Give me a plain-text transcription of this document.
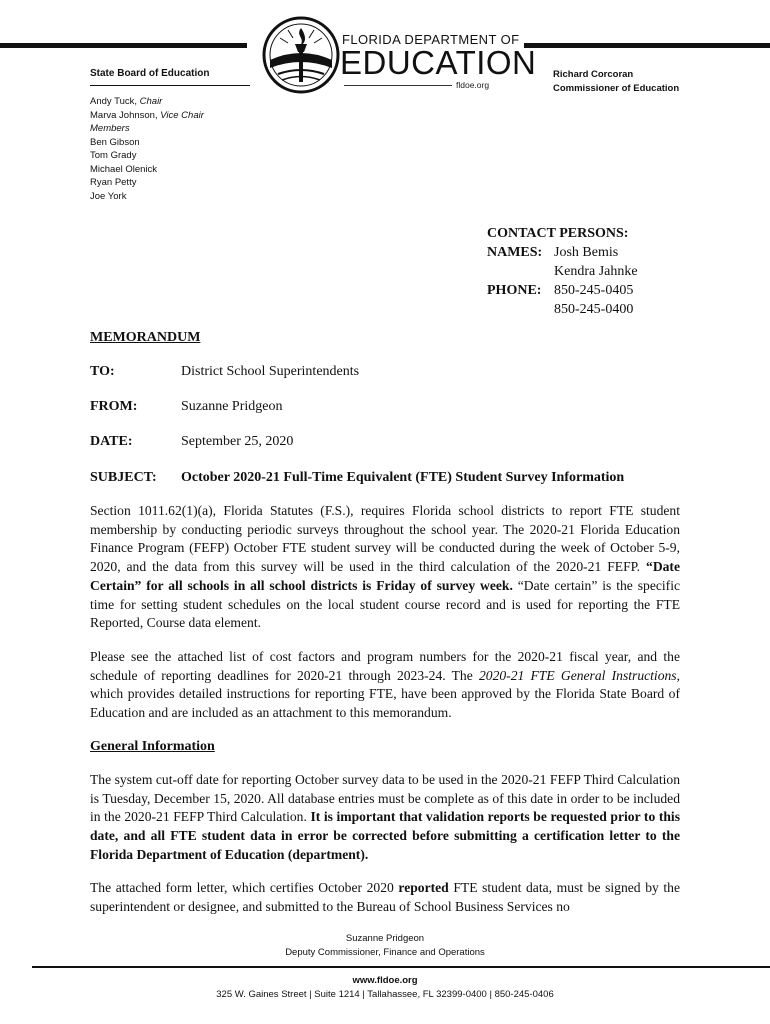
FLORIDA DEPARTMENT OF
EDUCATION
fldoe.org
State Board of Education
Andy Tuck, Chair
Marva Johnson, Vice Chair
Members
Ben Gibson
Tom Grady
Michael Olenick
Ryan Petty
Joe York
Richard Corcoran
Commissioner of Education
CONTACT PERSONS:
NAMES: Josh Bemis
Kendra Jahnke
PHONE: 850-245-0405
850-245-0400
MEMORANDUM
TO:	District School Superintendents
FROM:	Suzanne Pridgeon
DATE:	September 25, 2020
SUBJECT: October 2020-21 Full-Time Equivalent (FTE) Student Survey Information

Section 1011.62(1)(a), Florida Statutes (F.S.), requires Florida school districts to report FTE student membership by conducting periodic surveys throughout the school year. The 2020-21 Florida Education Finance Program (FEFP) October FTE student survey will be conducted during the week of October 5-9, 2020, and the data from this survey will be used in the third calculation of the 2020-21 FEFP. “Date Certain” for all schools in all school districts is Friday of survey week. “Date certain” is the specific time for setting student schedules on the local student course record and is used for reporting the FTE Reported, Course data element.

Please see the attached list of cost factors and program numbers for the 2020-21 fiscal year, and the schedule of reporting deadlines for 2020-21 through 2023-24. The 2020-21 FTE General Instructions, which provides detailed instructions for reporting FTE, have been approved by the Florida State Board of Education and are included as an attachment to this memorandum.

General Information

The system cut-off date for reporting October survey data to be used in the 2020-21 FEFP Third Calculation is Tuesday, December 15, 2020. All database entries must be complete as of this date in order to be included in the 2020-21 FEFP Third Calculation. It is important that validation reports be requested prior to this date, and all FTE student data in error be corrected before submitting a certification letter to the Florida Department of Education (department).

The attached form letter, which certifies October 2020 reported FTE student data, must be signed by the superintendent or designee, and submitted to the Bureau of School Business Services no

Suzanne Pridgeon
Deputy Commissioner, Finance and Operations
www.fldoe.org
325 W. Gaines Street | Suite 1214 | Tallahassee, FL 32399-0400 | 850-245-0406
